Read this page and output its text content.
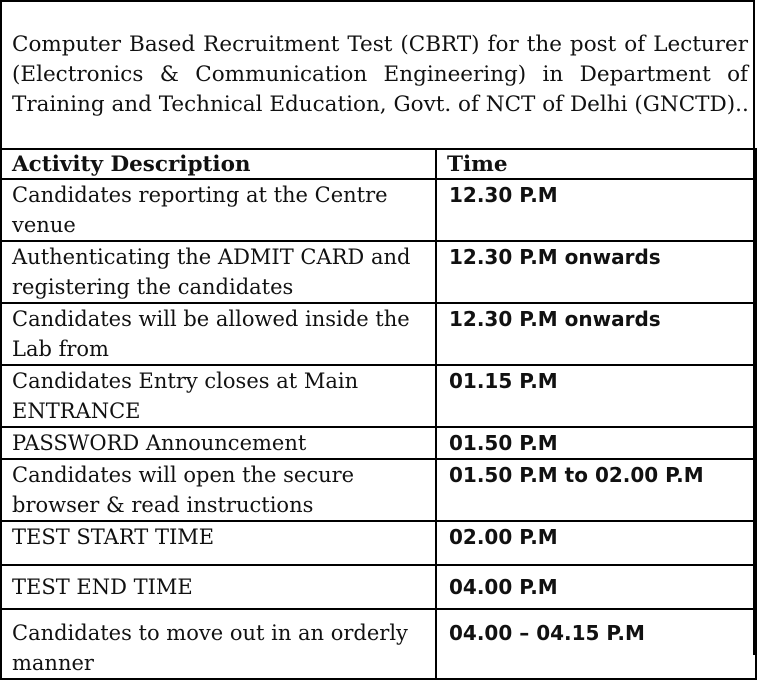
Computer Based Recruitment Test (CBRT) for the post of Lecturer
(Electronics & Communication Engineering) in Department of
Training and Technical Education, Govt. of NCT of Delhi (GNCTD)..
Activity Description	Time
Candidates reporting at the Centre venue	12.30 P.M
Authenticating the ADMIT CARD and registering the candidates	12.30 P.M onwards
Candidates will be allowed inside the Lab from	12.30 P.M onwards
Candidates Entry closes at Main ENTRANCE	01.15 P.M
PASSWORD Announcement	01.50 P.M
Candidates will open the secure browser & read instructions	01.50 P.M to 02.00 P.M
TEST START TIME	02.00 P.M
TEST END TIME	04.00 P.M
Candidates to move out in an orderly manner	04.00 – 04.15 P.M
